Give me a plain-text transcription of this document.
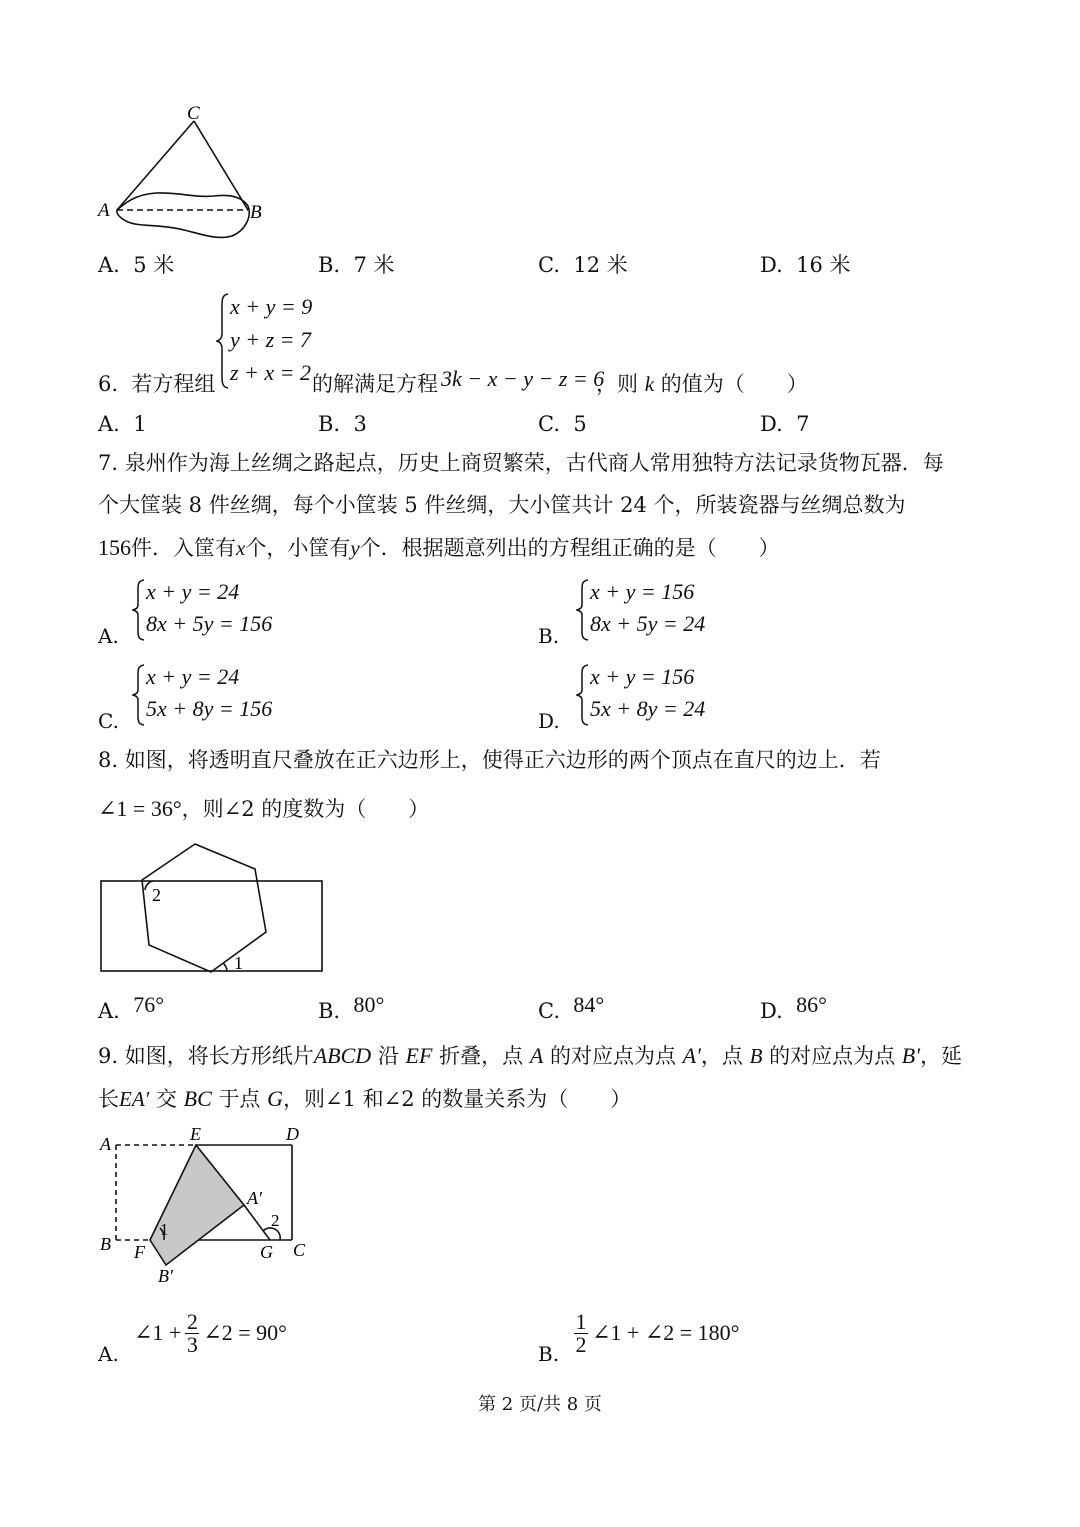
C
A	B
A. 5 米	B. 7 米	C. 12 米	D. 16 米
6. 若方程组
x + y = 9
y + z = 7
z + x = 2 的解满足方程 3k − x − y − z = 6
，则 k 的值为（　　）
A. 1	B. 3	C. 5	D. 7
7. 泉州作为海上丝绸之路起点，历史上商贸繁荣，古代商人常用独特方法记录货物瓦器．每
个大筐装 8 件丝绸，每个小筐装 5 件丝绸，大小筐共计 24 个，所装瓷器与丝绸总数为
156件．入筐有x个，小筐有y个．根据题意列出的方程组正确的是（　　）
A.
x + y = 24
8x + 5y = 156	B.
x + y = 156
8x + 5y = 24
C.
x + y = 24
5x + 8y = 156	D.
x + y = 156
5x + 8y = 24
8. 如图，将透明直尺叠放在正六边形上，使得正六边形的两个顶点在直尺的边上．若
∠1 = 36°，则∠2 的度数为（　　）
2
1
A. 76°	B. 80°	C. 84°	D. 86°
9. 如图，将长方形纸片ABCD 沿 EF 折叠，点 A 的对应点为点 A′，点 B 的对应点为点 B′，延
长EA′ 交 BC 于点 G，则∠1 和∠2 的数量关系为（　　）
A	E	D
A′
B F	G C
B′
1	2
A.
∠1 + 2
3 ∠2 = 90°
B.
1
2 ∠1 + ∠2 = 180°
第 2 页/共 8 页
